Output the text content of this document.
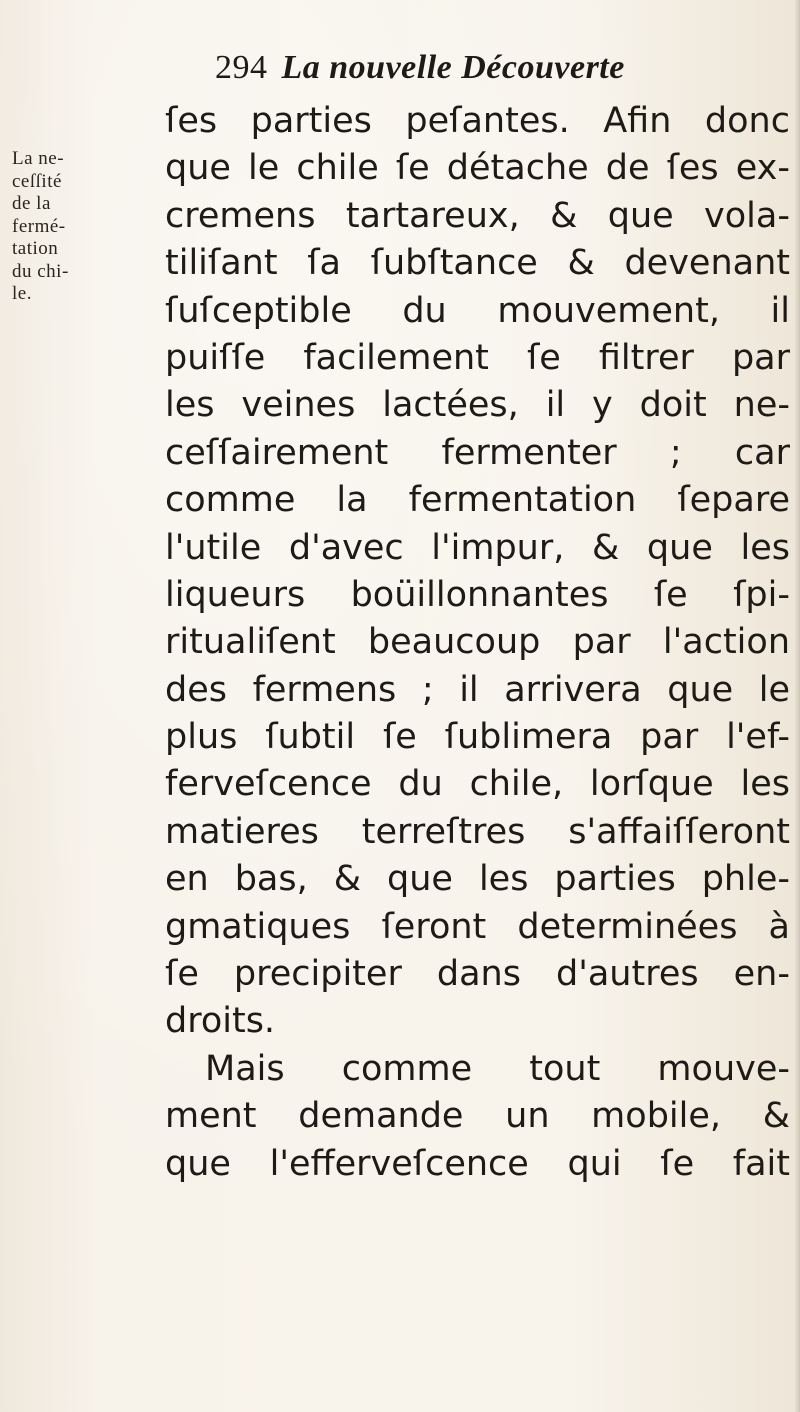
294 La nouvelle Découverte
La ne-
ceſſité
de la
fermé-
tation
du chi-
le.
ſes parties peſantes. Afin donc
que le chile ſe détache de ſes ex-
cremens tartareux, & que vola-
tiliſant ſa ſubſtance & devenant
ſuſceptible du mouvement, il
puiſſe facilement ſe filtrer par
les veines lactées, il y doit ne-
ceſſairement fermenter ; car
comme la fermentation ſepare
l'utile d'avec l'impur, & que les
liqueurs boüillonnantes ſe ſpi-
ritualiſent beaucoup par l'action
des fermens ; il arrivera que le
plus ſubtil ſe ſublimera par l'ef-
ferveſcence du chile, lorſque les
matieres terreſtres s'affaiſſeront
en bas, & que les parties phle-
gmatiques ſeront determinées à
ſe precipiter dans d'autres en-
droits.
Mais comme tout mouve-
ment demande un mobile, &
que l'efferveſcence qui ſe fait
